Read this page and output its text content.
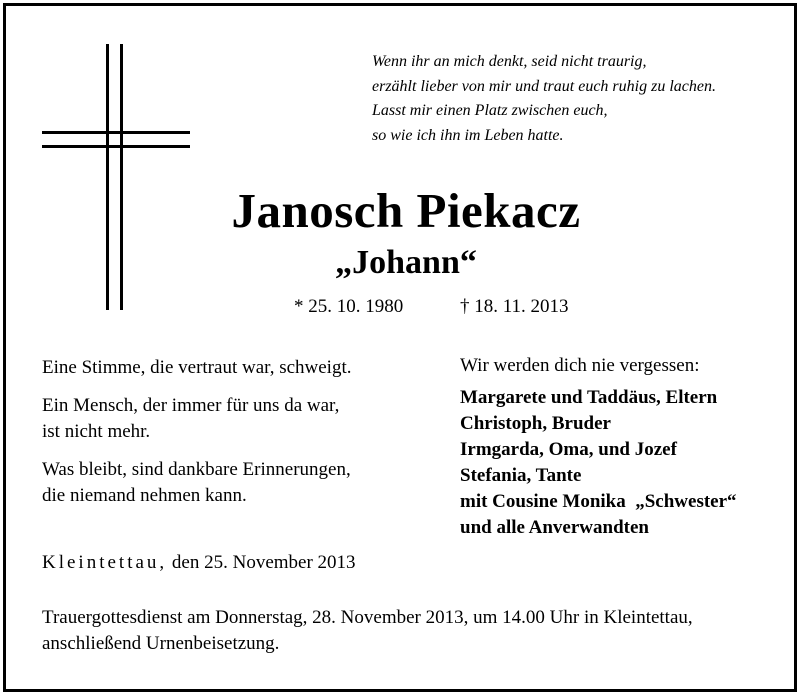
Wenn ihr an mich denkt, seid nicht traurig,
erzählt lieber von mir und traut euch ruhig zu lachen.
Lasst mir einen Platz zwischen euch,
so wie ich ihn im Leben hatte.
Janosch Piekacz
„Johann“
* 25. 10. 1980	† 18. 11. 2013
Eine Stimme, die vertraut war, schweigt.
Ein Mensch, der immer für uns da war,
ist nicht mehr.
Was bleibt, sind dankbare Erinnerungen,
die niemand nehmen kann.
Wir werden dich nie vergessen:
Margarete und Taddäus, Eltern
Christoph, Bruder
Irmgarda, Oma, und Jozef
Stefania, Tante
mit Cousine Monika  „Schwester“
und alle Anverwandten
Kleintettau, den 25. November 2013
Trauergottesdienst am Donnerstag, 28. November 2013, um 14.00 Uhr in Kleintettau,
anschließend Urnenbeisetzung.
